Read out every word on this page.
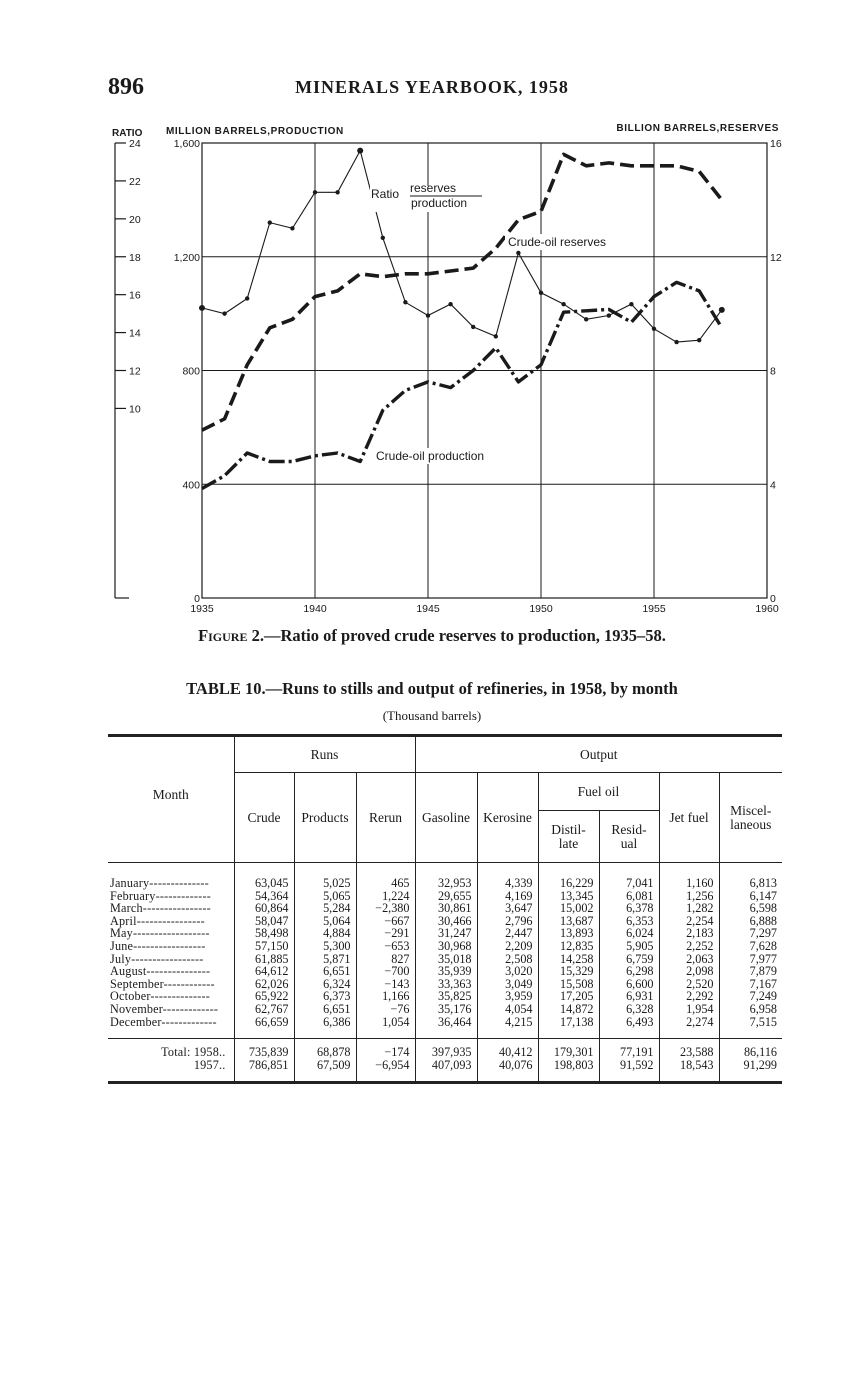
896	MINERALS YEARBOOK, 1958
1935	1940	1945	1950	1955	1960
0
400
800
1,200
1,600
0
4
8
12
16
24
22
20
18
16
14
12
10
RATIO MILLION BARRELS,PRODUCTION	BILLION BARRELS,RESERVES
Ratio reserves
production
Crude-oil reserves
Crude-oil production
Figure 2.—Ratio of proved crude reserves to production, 1935–58.
TABLE 10.—Runs to stills and output of refineries, in 1958, by month
(Thousand barrels)
Month	Runs			Output					
	Crude	Products	Rerun	Gasoline	Kerosine	Fuel oil		Jet fuel	Miscel-
laneous
						Distil-
late	Resid-
ual		
January--------------	63,045	5,025	465	32,953	4,339	16,229	7,041	1,160	6,813
February-------------	54,364	5,065	1,224	29,655	4,169	13,345	6,081	1,256	6,147
March----------------	60,864	5,284	−2,380	30,861	3,647	15,002	6,378	1,282	6,598
April----------------	58,047	5,064	−667	30,466	2,796	13,687	6,353	2,254	6,888
May------------------	58,498	4,884	−291	31,247	2,447	13,893	6,024	2,183	7,297
June-----------------	57,150	5,300	−653	30,968	2,209	12,835	5,905	2,252	7,628
July-----------------	61,885	5,871	827	35,018	2,508	14,258	6,759	2,063	7,977
August---------------	64,612	6,651	−700	35,939	3,020	15,329	6,298	2,098	7,879
September------------	62,026	6,324	−143	33,363	3,049	15,508	6,600	2,520	7,167
October--------------	65,922	6,373	1,166	35,825	3,959	17,205	6,931	2,292	7,249
November-------------	62,767	6,651	−76	35,176	4,054	14,872	6,328	1,954	6,958
December-------------	66,659	6,386	1,054	36,464	4,215	17,138	6,493	2,274	7,515
Total: 1958..	735,839	68,878	−174	397,935	40,412	179,301	77,191	23,588	86,116
1957..	786,851	67,509	−6,954	407,093	40,076	198,803	91,592	18,543	91,299
